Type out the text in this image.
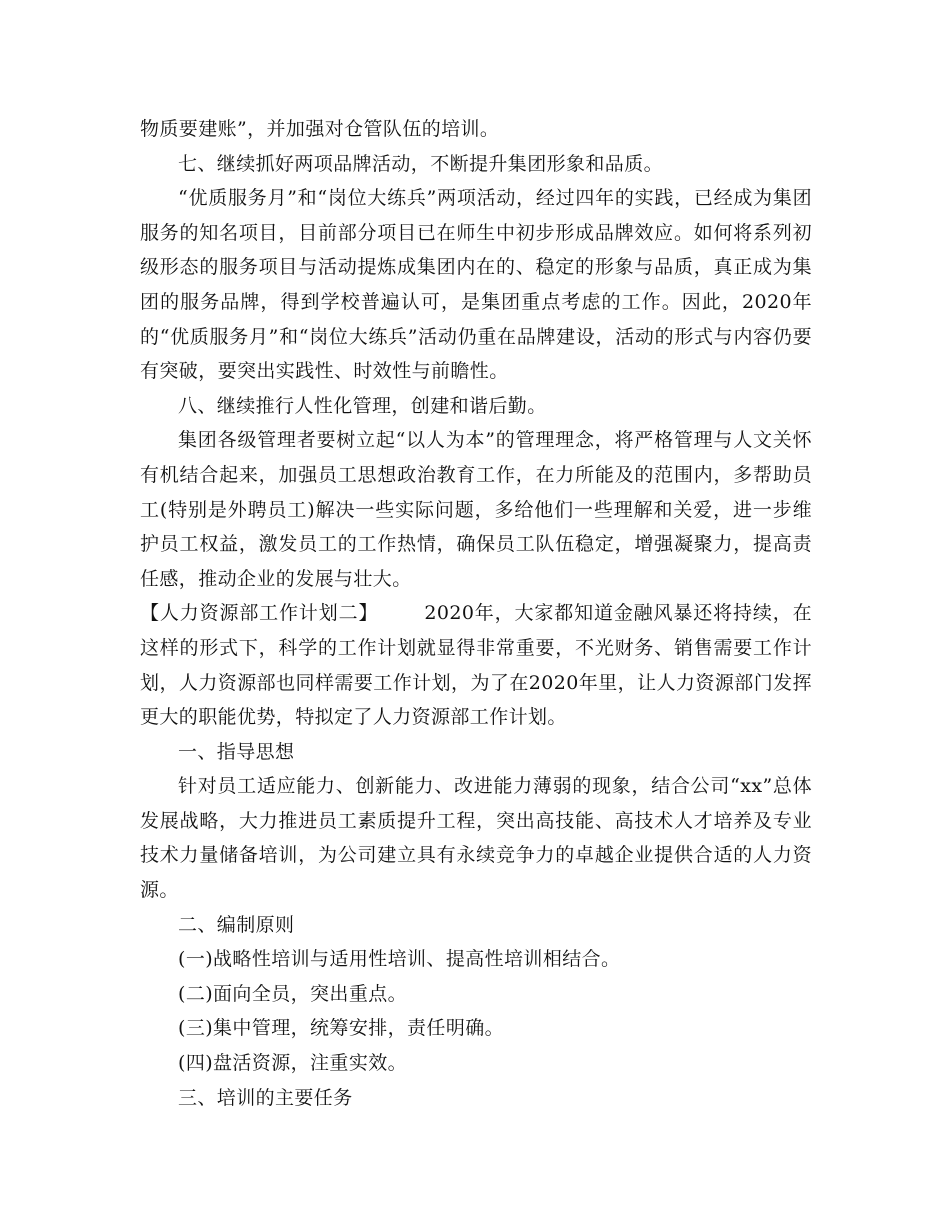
物质要建账”，并加强对仓管队伍的培训。

七、继续抓好两项品牌活动，不断提升集团形象和品质。

“优质服务月”和“岗位大练兵”两项活动，经过四年的实践，已经成为集团服务的知名项目，目前部分项目已在师生中初步形成品牌效应。如何将系列初级形态的服务项目与活动提炼成集团内在的、稳定的形象与品质，真正成为集团的服务品牌，得到学校普遍认可，是集团重点考虑的工作。因此，2020年的“优质服务月”和“岗位大练兵”活动仍重在品牌建设，活动的形式与内容仍要有突破，要突出实践性、时效性与前瞻性。

八、继续推行人性化管理，创建和谐后勤。

集团各级管理者要树立起“以人为本”的管理理念，将严格管理与人文关怀有机结合起来，加强员工思想政治教育工作，在力所能及的范围内，多帮助员工(特别是外聘员工)解决一些实际问题，多给他们一些理解和关爱，进一步维护员工权益，激发员工的工作热情，确保员工队伍稳定，增强凝聚力，提高责任感，推动企业的发展与壮大。

【人力资源部工作计划二】 2020年，大家都知道金融风暴还将持续，在这样的形式下，科学的工作计划就显得非常重要，不光财务、销售需要工作计划，人力资源部也同样需要工作计划，为了在2020年里，让人力资源部门发挥更大的职能优势，特拟定了人力资源部工作计划。

一、指导思想

针对员工适应能力、创新能力、改进能力薄弱的现象，结合公司“xx”总体发展战略，大力推进员工素质提升工程，突出高技能、高技术人才培养及专业技术力量储备培训，为公司建立具有永续竞争力的卓越企业提供合适的人力资源。

二、编制原则

(一)战略性培训与适用性培训、提高性培训相结合。

(二)面向全员，突出重点。

(三)集中管理，统筹安排，责任明确。

(四)盘活资源，注重实效。

三、培训的主要任务
